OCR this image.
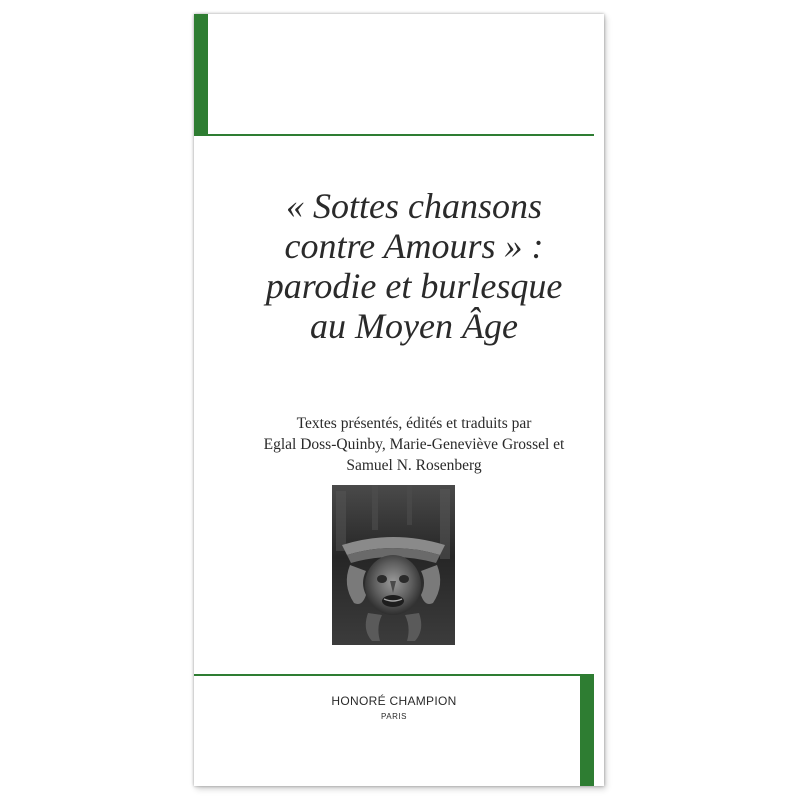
« Sottes chansons
contre Amours » :
parodie et burlesque
au Moyen Âge
Textes présentés, édités et traduits par
Eglal Doss-Quinby, Marie-Geneviève Grossel et
Samuel N. Rosenberg
HONORÉ CHAMPION
PARIS
